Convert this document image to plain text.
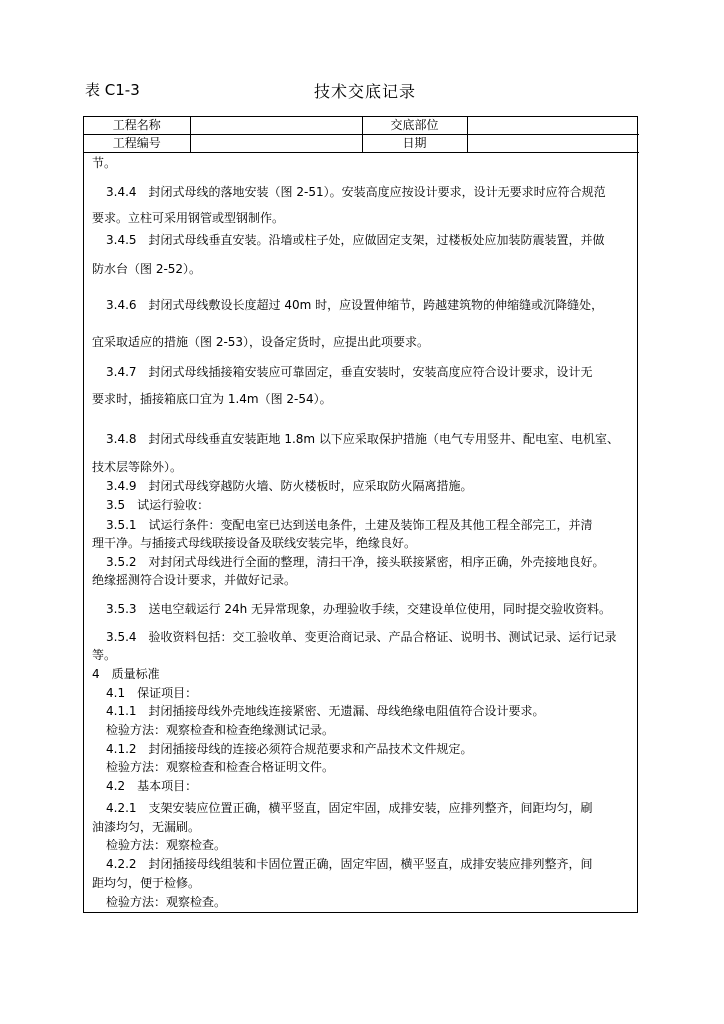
表 C1-3	技术交底记录
工程名称		交底部位	
工程编号		日期	
节。
3.4.4　封闭式母线的落地安装（图 2-51）。安装高度应按设计要求，设计无要求时应符合规范
要求。立柱可采用钢管或型钢制作。
3.4.5　封闭式母线垂直安装。沿墙或柱子处，应做固定支架，过楼板处应加装防震装置，并做
防水台（图 2-52）。
3.4.6　封闭式母线敷设长度超过 40m 时，应设置伸缩节，跨越建筑物的伸缩缝或沉降缝处，
宜采取适应的措施（图 2-53），设备定货时，应提出此项要求。
3.4.7　封闭式母线插接箱安装应可靠固定，垂直安装时，安装高度应符合设计要求，设计无
要求时，插接箱底口宜为 1.4m（图 2-54）。
3.4.8　封闭式母线垂直安装距地 1.8m 以下应采取保护措施（电气专用竖井、配电室、电机室、
技术层等除外）。
3.4.9　封闭式母线穿越防火墙、防火楼板时，应采取防火隔离措施。
3.5　试运行验收：
3.5.1　试运行条件：变配电室已达到送电条件，土建及装饰工程及其他工程全部完工，并清
理干净。与插接式母线联接设备及联线安装完毕，绝缘良好。
3.5.2　对封闭式母线进行全面的整理，清扫干净，接头联接紧密，相序正确，外壳接地良好。
绝缘摇测符合设计要求，并做好记录。
3.5.3　送电空载运行 24h 无异常现象，办理验收手续，交建设单位使用，同时提交验收资料。
3.5.4　验收资料包括：交工验收单、变更洽商记录、产品合格证、说明书、测试记录、运行记录
等。
4　质量标准
4.1　保证项目：
4.1.1　封闭插接母线外壳地线连接紧密、无遗漏、母线绝缘电阻值符合设计要求。
检验方法：观察检查和检查绝缘测试记录。
4.1.2　封闭插接母线的连接必须符合规范要求和产品技术文件规定。
检验方法：观察检查和检查合格证明文件。
4.2　基本项目：
4.2.1　支架安装应位置正确，横平竖直，固定牢固，成排安装，应排列整齐，间距均匀，刷
油漆均匀，无漏刷。
检验方法：观察检查。
4.2.2　封闭插接母线组装和卡固位置正确，固定牢固，横平竖直，成排安装应排列整齐，间
距均匀，便于检修。
检验方法：观察检查。
